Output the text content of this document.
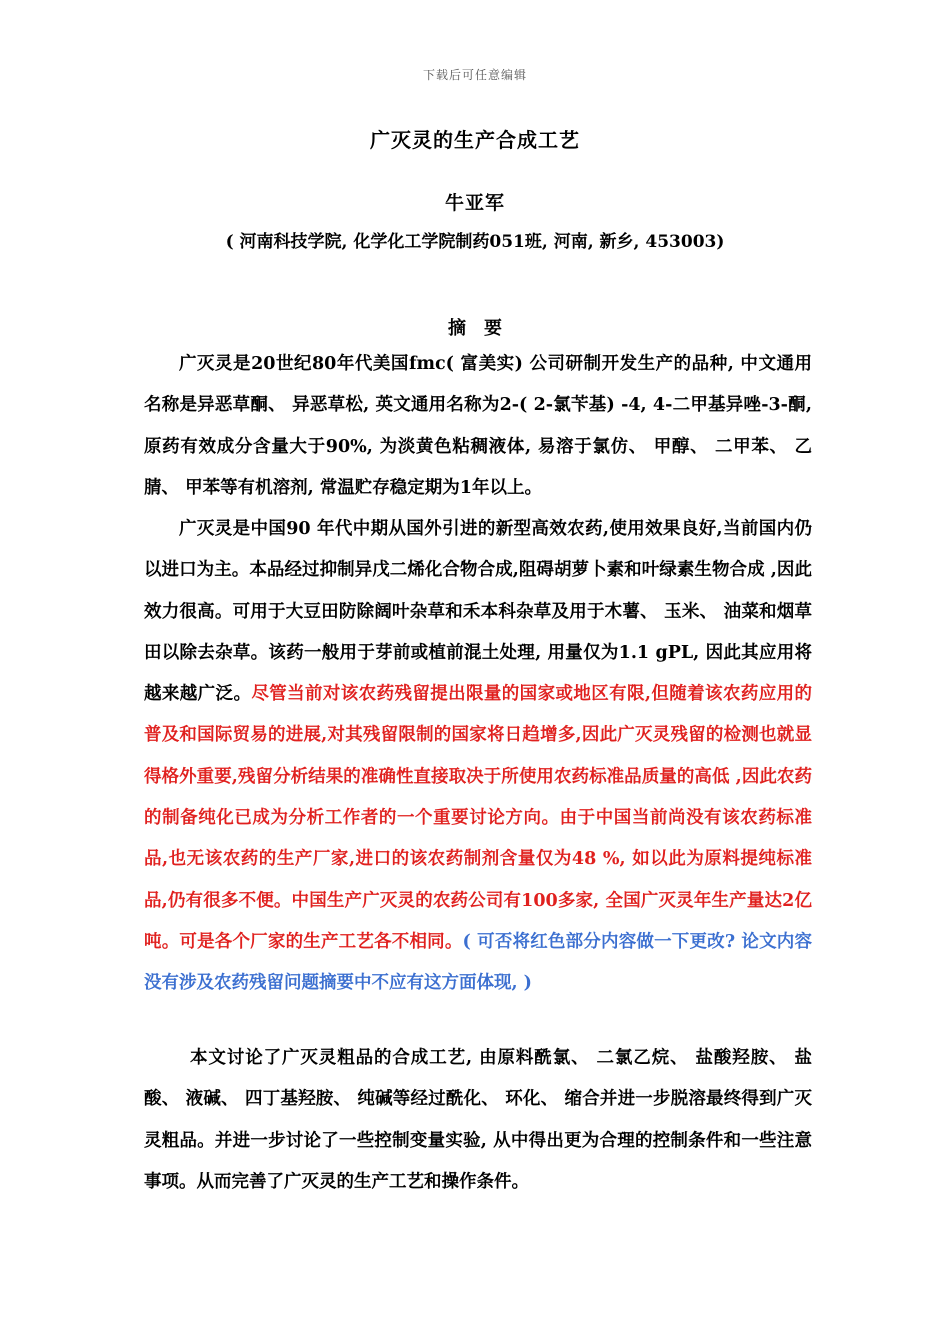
下载后可任意编辑
广灭灵的生产合成工艺
牛亚军
( 河南科技学院, 化学化工学院制药051班, 河南, 新乡, 453003)
摘要

广灭灵是20世纪80年代美国fmc( 富美实) 公司研制开发生产的品种, 中文通用名称是异恶草酮、 异恶草松, 英文通用名称为2-( 2-氯苄基) -4, 4-二甲基异唑-3-酮, 原药有效成分含量大于90%, 为淡黄色粘稠液体, 易溶于氯仿、 甲醇、 二甲苯、 乙腈、 甲苯等有机溶剂, 常温贮存稳定期为1年以上。

广灭灵是中国90 年代中期从国外引进的新型高效农药,使用效果良好,当前国内仍以进口为主。本品经过抑制异戊二烯化合物合成,阻碍胡萝卜素和叶绿素生物合成 ,因此效力很高。可用于大豆田防除阔叶杂草和禾本科杂草及用于木薯、 玉米、 油菜和烟草田以除去杂草。该药一般用于芽前或植前混土处理, 用量仅为1.1 gPL, 因此其应用将越来越广泛。尽管当前对该农药残留提出限量的国家或地区有限,但随着该农药应用的普及和国际贸易的进展,对其残留限制的国家将日趋增多,因此广灭灵残留的检测也就显得格外重要,残留分析结果的准确性直接取决于所使用农药标准品质量的高低 ,因此农药的制备纯化已成为分析工作者的一个重要讨论方向。由于中国当前尚没有该农药标准品,也无该农药的生产厂家,进口的该农药制剂含量仅为48 %, 如以此为原料提纯标准品,仍有很多不便。中国生产广灭灵的农药公司有100多家, 全国广灭灵年生产量达2亿吨。可是各个厂家的生产工艺各不相同。( 可否将红色部分内容做一下更改? 论文内容没有涉及农药残留问题摘要中不应有这方面体现, )

本文讨论了广灭灵粗品的合成工艺, 由原料酰氯、 二氯乙烷、 盐酸羟胺、 盐酸、 液碱、 四丁基羟胺、 纯碱等经过酰化、 环化、 缩合并进一步脱溶最终得到广灭灵粗品。并进一步讨论了一些控制变量实验, 从中得出更为合理的控制条件和一些注意事项。从而完善了广灭灵的生产工艺和操作条件。
